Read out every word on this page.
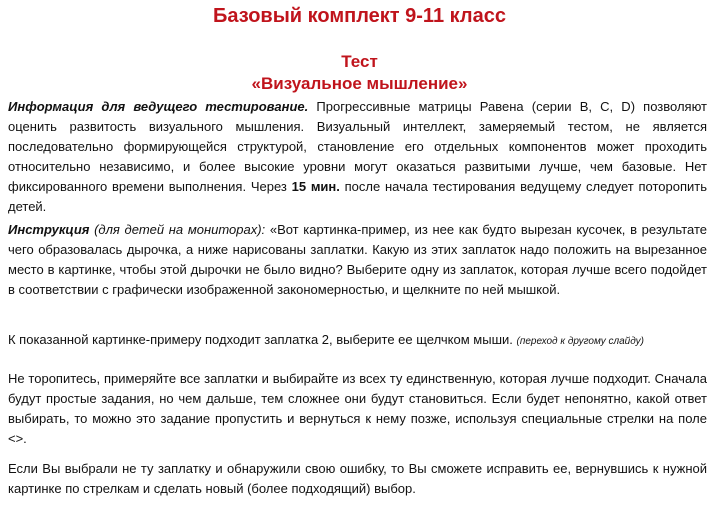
Базовый комплект 9-11 класс
Тест
«Визуальное мышление»

Информация для ведущего тестирование. Прогрессивные матрицы Равена (серии В, С, D) позволяют оценить развитость визуального мышления. Визуальный интеллект, замеряемый тестом, не является последовательно формирующейся структурой, становление его отдельных компонентов может проходить относительно независимо, и более высокие уровни могут оказаться развитыми лучше, чем базовые. Нет фиксированного времени выполнения. Через 15 мин. после начала тестирования ведущему следует поторопить детей.

Инструкция (для детей на мониторах): «Вот картинка-пример, из нее как будто вырезан кусочек, в результате чего образовалась дырочка, а ниже нарисованы заплатки. Какую из этих заплаток надо положить на вырезанное место в картинке, чтобы этой дырочки не было видно? Выберите одну из заплаток, которая лучше всего подойдет в соответствии с графически изображенной закономерностью, и щелкните по ней мышкой.

К показанной картинке-примеру подходит заплатка 2, выберите ее щелчком мыши. (переход к другому слайду)

Не торопитесь, примеряйте все заплатки и выбирайте из всех ту единственную, которая лучше подходит. Сначала будут простые задания, но чем дальше, тем сложнее они будут становиться. Если будет непонятно, какой ответ выбирать, то можно это задание пропустить и вернуться к нему позже, используя специальные стрелки на поле <>.

Если Вы выбрали не ту заплатку и обнаружили свою ошибку, то Вы сможете исправить ее, вернувшись к нужной картинке по стрелкам и сделать новый (более подходящий) выбор.
